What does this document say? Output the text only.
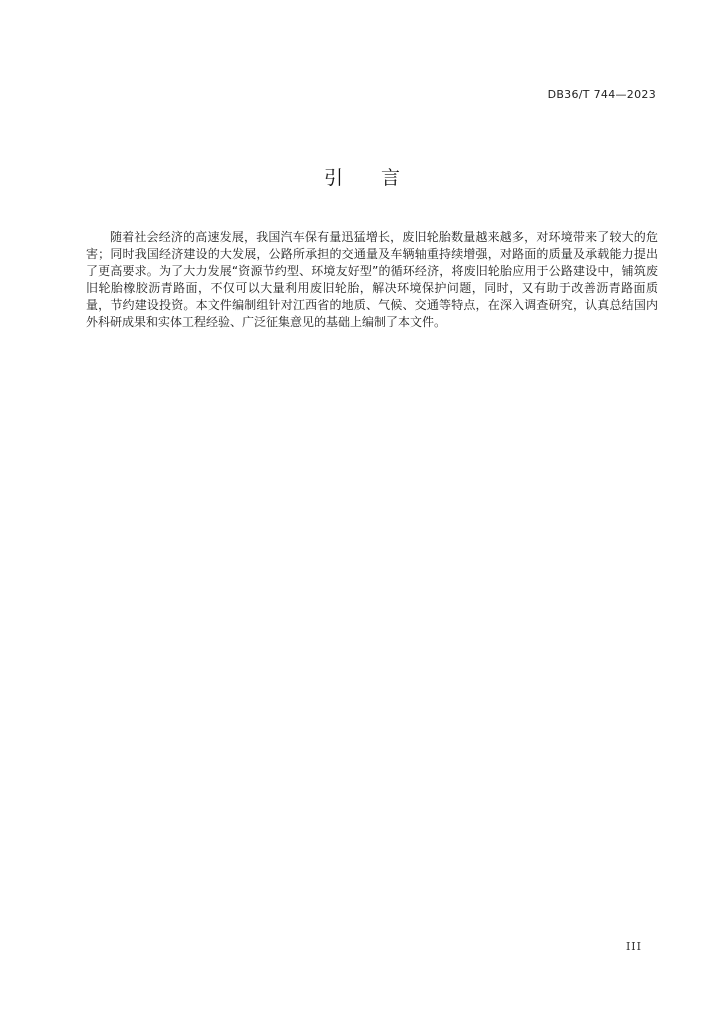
DB36/T 744—2023
引言
随着社会经济的高速发展，我国汽车保有量迅猛增长，废旧轮胎数量越来越多，对环境带来了较大的危害；同时我国经济建设的大发展，公路所承担的交通量及车辆轴重持续增强，对路面的质量及承载能力提出了更高要求。为了大力发展“资源节约型、环境友好型”的循环经济，将废旧轮胎应用于公路建设中，铺筑废旧轮胎橡胶沥青路面，不仅可以大量利用废旧轮胎，解决环境保护问题，同时，又有助于改善沥青路面质量，节约建设投资。本文件编制组针对江西省的地质、气候、交通等特点，在深入调查研究，认真总结国内外科研成果和实体工程经验、广泛征集意见的基础上编制了本文件。
III
